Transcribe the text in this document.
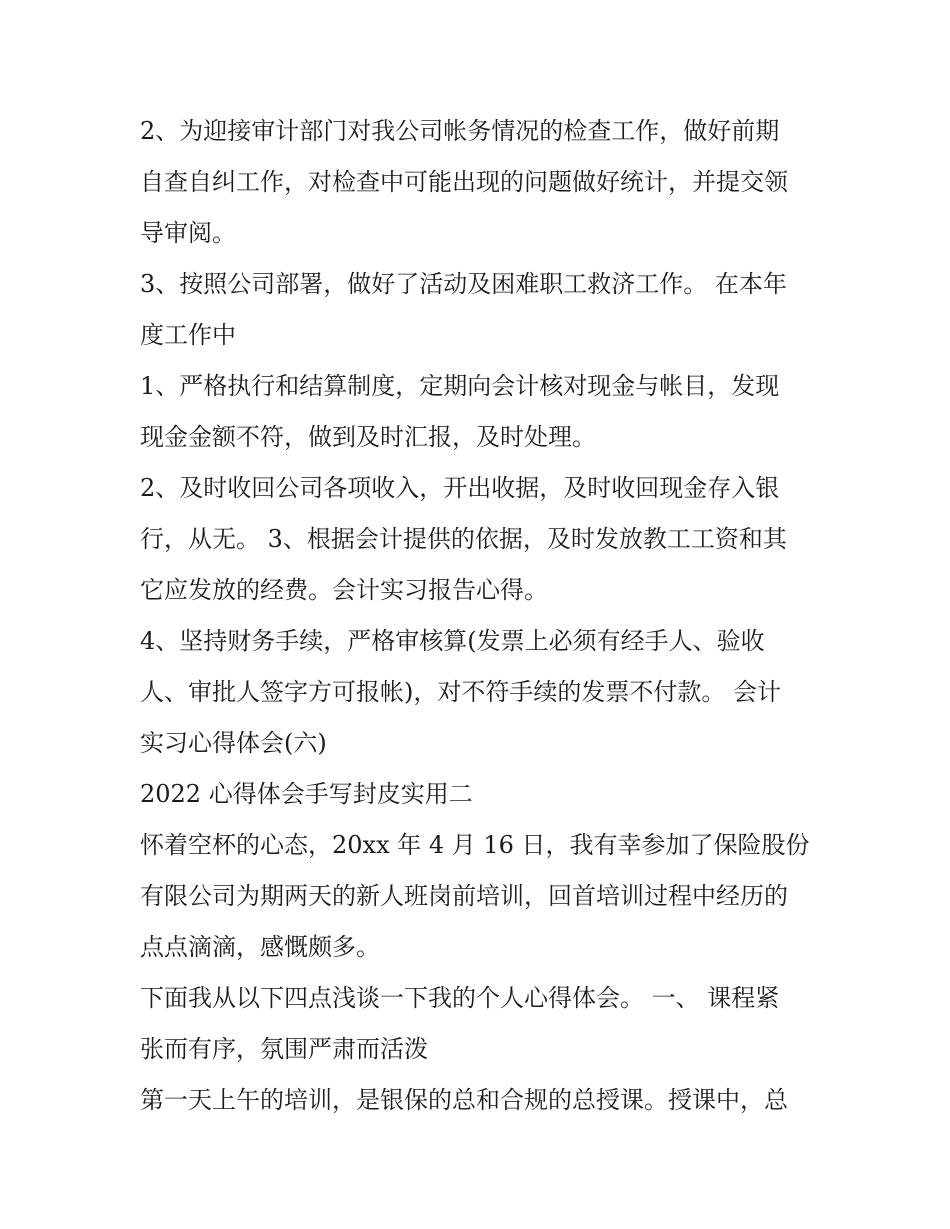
2、为迎接审计部门对我公司帐务情况的检查工作，做好前期
自查自纠工作，对检查中可能出现的问题做好统计，并提交领
导审阅。

3、按照公司部署，做好了活动及困难职工救济工作。 在本年
度工作中

1、严格执行和结算制度，定期向会计核对现金与帐目，发现
现金金额不符，做到及时汇报，及时处理。

2、及时收回公司各项收入，开出收据，及时收回现金存入银
行，从无。 3、根据会计提供的依据，及时发放教工工资和其
它应发放的经费。会计实习报告心得。

4、坚持财务手续，严格审核算(发票上必须有经手人、验收
人、审批人签字方可报帐)，对不符手续的发票不付款。 会计
实习心得体会(六)

2022 心得体会手写封皮实用二

怀着空杯的心态，20xx 年 4 月 16 日，我有幸参加了保险股份
有限公司为期两天的新人班岗前培训，回首培训过程中经历的
点点滴滴，感慨颇多。

下面我从以下四点浅谈一下我的个人心得体会。 一、 课程紧
张而有序，氛围严肃而活泼

第一天上午的培训，是银保的总和合规的总授课。授课中，总
